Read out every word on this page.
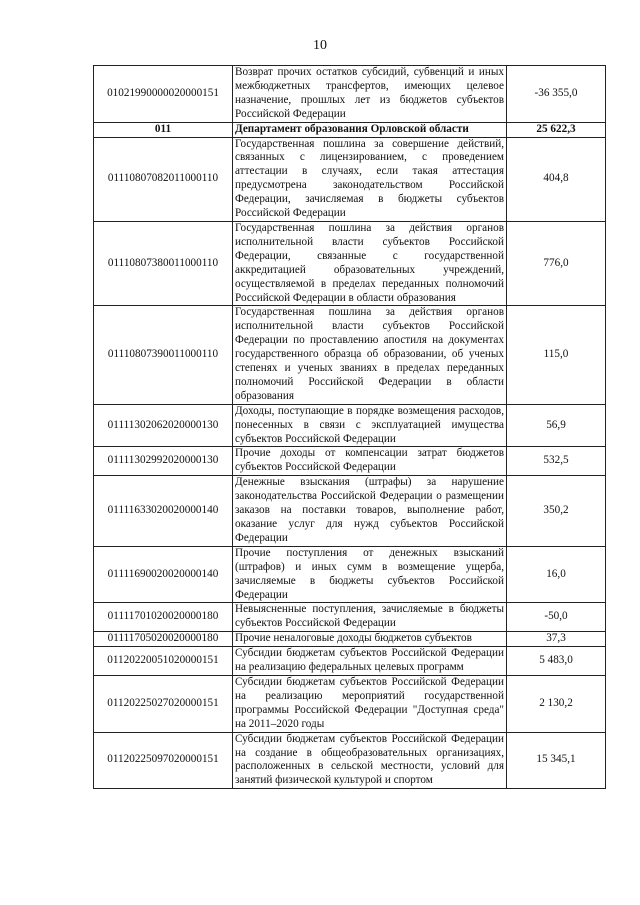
10
01021990000020000151	Возврат прочих остатков субсидий, субвенций и иных межбюджетных трансфертов, имеющих целевое назначение, прошлых лет из бюджетов субъектов Российской Федерации	-36 355,0
011	Департамент образования Орловской области	25 622,3
01110807082011000110	Государственная пошлина за совершение действий, связанных с лицензированием, с проведением аттестации в случаях, если такая аттестация предусмотрена законодательством Российской Федерации, зачисляемая в бюджеты субъектов Российской Федерации	404,8
01110807380011000110	Государственная пошлина за действия органов исполнительной власти субъектов Российской Федерации, связанные с государственной аккредитацией образовательных учреждений, осуществляемой в пределах переданных полномочий Российской Федерации в области образования	776,0
01110807390011000110	Государственная пошлина за действия органов исполнительной власти субъектов Российской Федерации по проставлению апостиля на документах государственного образца об образовании, об ученых степенях и ученых званиях в пределах переданных полномочий Российской Федерации в области образования	115,0
01111302062020000130	Доходы, поступающие в порядке возмещения расходов, понесенных в связи с эксплуатацией имущества субъектов Российской Федерации	56,9
01111302992020000130	Прочие доходы от компенсации затрат бюджетов субъектов Российской Федерации	532,5
01111633020020000140	Денежные взыскания (штрафы) за нарушение законодательства Российской Федерации о размещении заказов на поставки товаров, выполнение работ, оказание услуг для нужд субъектов Российской Федерации	350,2
01111690020020000140	Прочие поступления от денежных взысканий (штрафов) и иных сумм в возмещение ущерба, зачисляемые в бюджеты субъектов Российской Федерации	16,0
01111701020020000180	Невыясненные поступления, зачисляемые в бюджеты субъектов Российской Федерации	-50,0
01111705020020000180	Прочие неналоговые доходы бюджетов субъектов	37,3
01120220051020000151	Субсидии бюджетам субъектов Российской Федерации на реализацию федеральных целевых программ	5 483,0
01120225027020000151	Субсидии бюджетам субъектов Российской Федерации на реализацию мероприятий государственной программы Российской Федерации "Доступная среда" на 2011–2020 годы	2 130,2
01120225097020000151	Субсидии бюджетам субъектов Российской Федерации на создание в общеобразовательных организациях, расположенных в сельской местности, условий для занятий физической культурой и спортом	15 345,1
